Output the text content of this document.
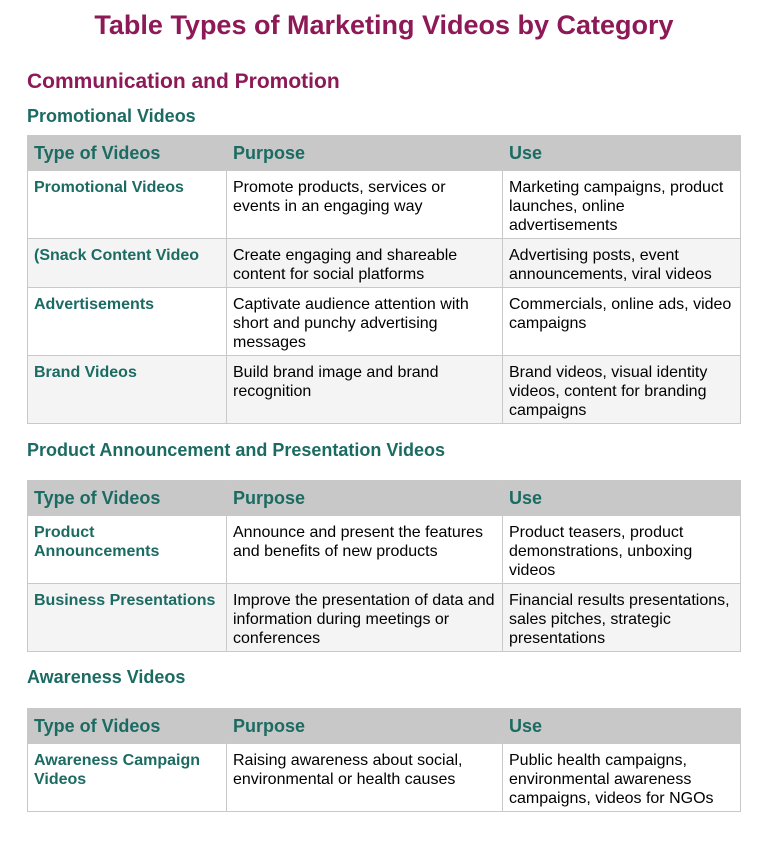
Table Types of Marketing Videos by Category
Communication and Promotion
Promotional Videos
Type of Videos	Purpose	Use
Promotional Videos	Promote products, services or events in an engaging way	Marketing campaigns, product launches, online advertisements
(Snack Content Video	Create engaging and shareable content for social platforms	Advertising posts, event announcements, viral videos
Advertisements	Captivate audience attention with short and punchy advertising messages	Commercials, online ads, video campaigns
Brand Videos	Build brand image and brand recognition	Brand videos, visual identity videos, content for branding campaigns
Product Announcement and Presentation Videos
Type of Videos	Purpose	Use
Product Announcements	Announce and present the features and benefits of new products	Product teasers, product demonstrations, unboxing videos
Business Presentations	Improve the presentation of data and information during meetings or conferences	Financial results presentations, sales pitches, strategic presentations
Awareness Videos
Type of Videos	Purpose	Use
Awareness Campaign Videos	Raising awareness about social, environmental or health causes	Public health campaigns, environmental awareness campaigns, videos for NGOs
